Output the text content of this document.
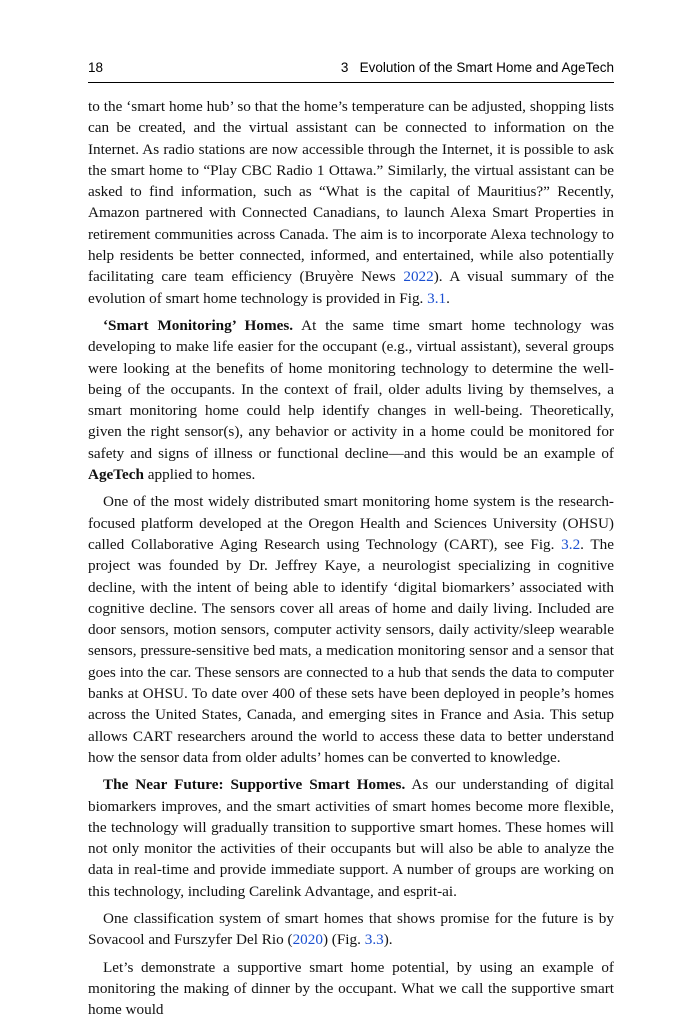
18	3   Evolution of the Smart Home and AgeTech

to the ‘smart home hub’ so that the home’s temperature can be adjusted, shopping lists can be created, and the virtual assistant can be connected to information on the Internet. As radio stations are now accessible through the Internet, it is possible to ask the smart home to “Play CBC Radio 1 Ottawa.” Similarly, the virtual assistant can be asked to find information, such as “What is the capital of Mauritius?” Recently, Amazon partnered with Connected Canadians, to launch Alexa Smart Properties in retirement communities across Canada. The aim is to incorporate Alexa technology to help residents be better connected, informed, and entertained, while also potentially facilitating care team efficiency (Bruyère News 2022). A visual summary of the evolution of smart home technology is provided in Fig. 3.1.

‘Smart Monitoring’ Homes. At the same time smart home technology was developing to make life easier for the occupant (e.g., virtual assistant), several groups were looking at the benefits of home monitoring technology to determine the well-being of the occupants. In the context of frail, older adults living by themselves, a smart monitoring home could help identify changes in well-being. Theoretically, given the right sensor(s), any behavior or activity in a home could be monitored for safety and signs of illness or functional decline—and this would be an example of AgeTech applied to homes.

One of the most widely distributed smart monitoring home system is the research-focused platform developed at the Oregon Health and Sciences University (OHSU) called Collaborative Aging Research using Technology (CART), see Fig. 3.2. The project was founded by Dr. Jeffrey Kaye, a neurologist specializing in cognitive decline, with the intent of being able to identify ‘digital biomarkers’ associated with cognitive decline. The sensors cover all areas of home and daily living. Included are door sensors, motion sensors, computer activity sensors, daily activity/sleep wearable sensors, pressure-sensitive bed mats, a medication monitoring sensor and a sensor that goes into the car. These sensors are connected to a hub that sends the data to computer banks at OHSU. To date over 400 of these sets have been deployed in people’s homes across the United States, Canada, and emerging sites in France and Asia. This setup allows CART researchers around the world to access these data to better understand how the sensor data from older adults’ homes can be converted to knowledge.

The Near Future: Supportive Smart Homes. As our understanding of digital biomarkers improves, and the smart activities of smart homes become more flexible, the technology will gradually transition to supportive smart homes. These homes will not only monitor the activities of their occupants but will also be able to analyze the data in real-time and provide immediate support. A number of groups are working on this technology, including Carelink Advantage, and esprit-ai.

One classification system of smart homes that shows promise for the future is by Sovacool and Furszyfer Del Rio (2020) (Fig. 3.3).

Let’s demonstrate a supportive smart home potential, by using an example of monitoring the making of dinner by the occupant. What we call the supportive smart home would
